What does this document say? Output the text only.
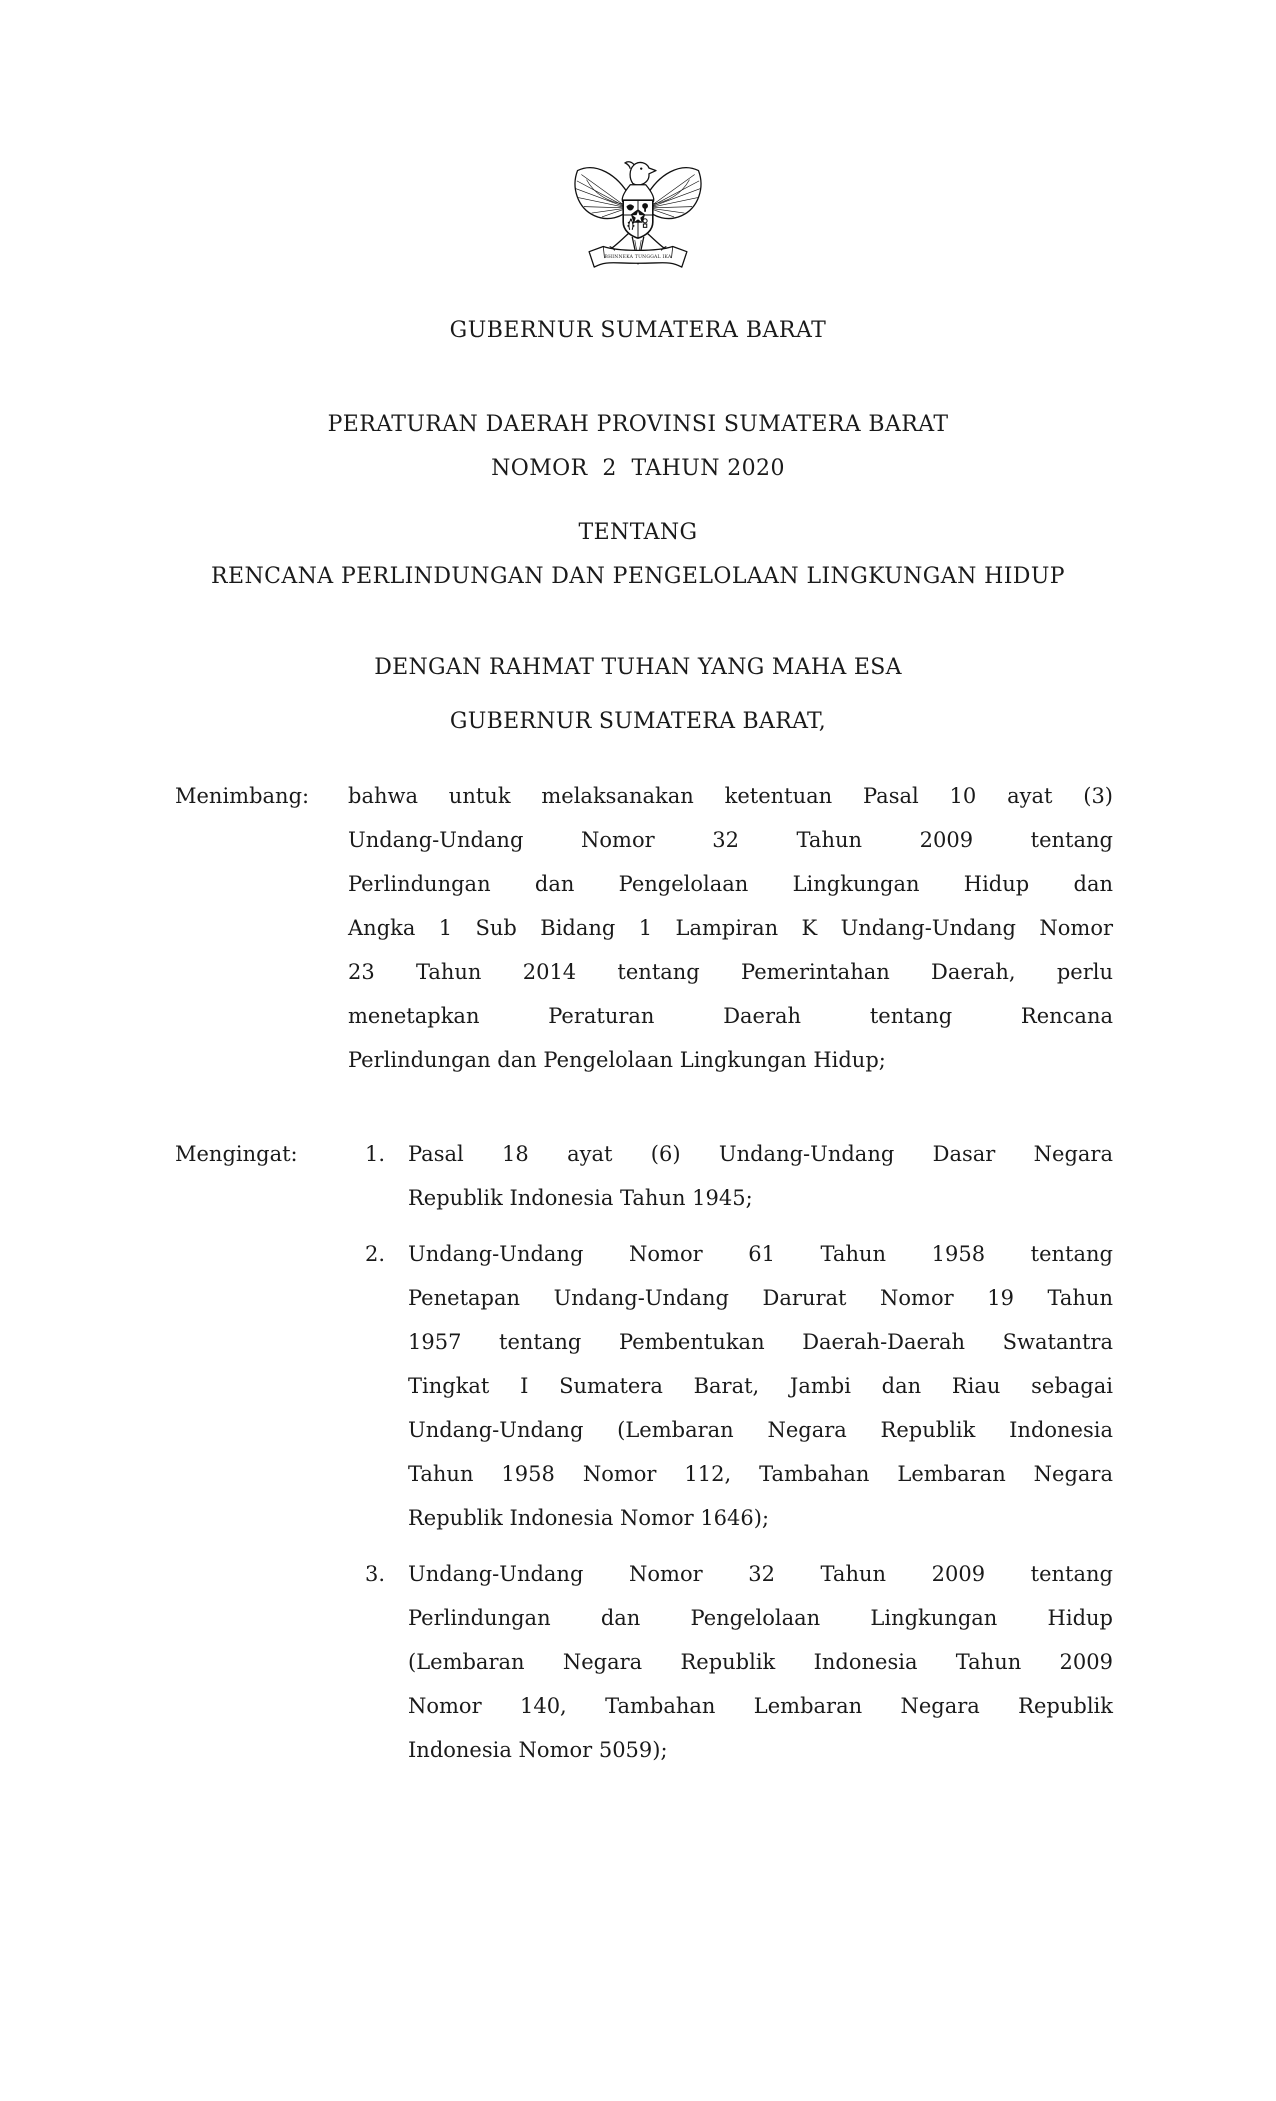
BHINNEKA TUNGGAL IKA
GUBERNUR SUMATERA BARAT
PERATURAN DAERAH PROVINSI SUMATERA BARAT
NOMOR  2  TAHUN 2020
TENTANG
RENCANA PERLINDUNGAN DAN PENGELOLAAN LINGKUNGAN HIDUP
DENGAN RAHMAT TUHAN YANG MAHA ESA
GUBERNUR SUMATERA BARAT,
Menimbang:	bahwa untuk melaksanakan ketentuan Pasal 10 ayat (3)
Undang-Undang Nomor 32 Tahun 2009 tentang
Perlindungan dan Pengelolaan Lingkungan Hidup dan
Angka 1 Sub Bidang 1 Lampiran K Undang-Undang Nomor
23 Tahun 2014 tentang Pemerintahan Daerah, perlu
menetapkan Peraturan Daerah tentang Rencana
Perlindungan dan Pengelolaan Lingkungan Hidup;
Mengingat:	1.	Pasal 18 ayat (6) Undang-Undang Dasar Negara
Republik Indonesia Tahun 1945;
2.	Undang-Undang Nomor 61 Tahun 1958 tentang
Penetapan Undang-Undang Darurat Nomor 19 Tahun
1957 tentang Pembentukan Daerah-Daerah Swatantra
Tingkat I Sumatera Barat, Jambi dan Riau sebagai
Undang-Undang (Lembaran Negara Republik Indonesia
Tahun 1958 Nomor 112, Tambahan Lembaran Negara
Republik Indonesia Nomor 1646);
3.	Undang-Undang Nomor 32 Tahun 2009 tentang
Perlindungan dan Pengelolaan Lingkungan Hidup
(Lembaran Negara Republik Indonesia Tahun 2009
Nomor 140, Tambahan Lembaran Negara Republik
Indonesia Nomor 5059);
